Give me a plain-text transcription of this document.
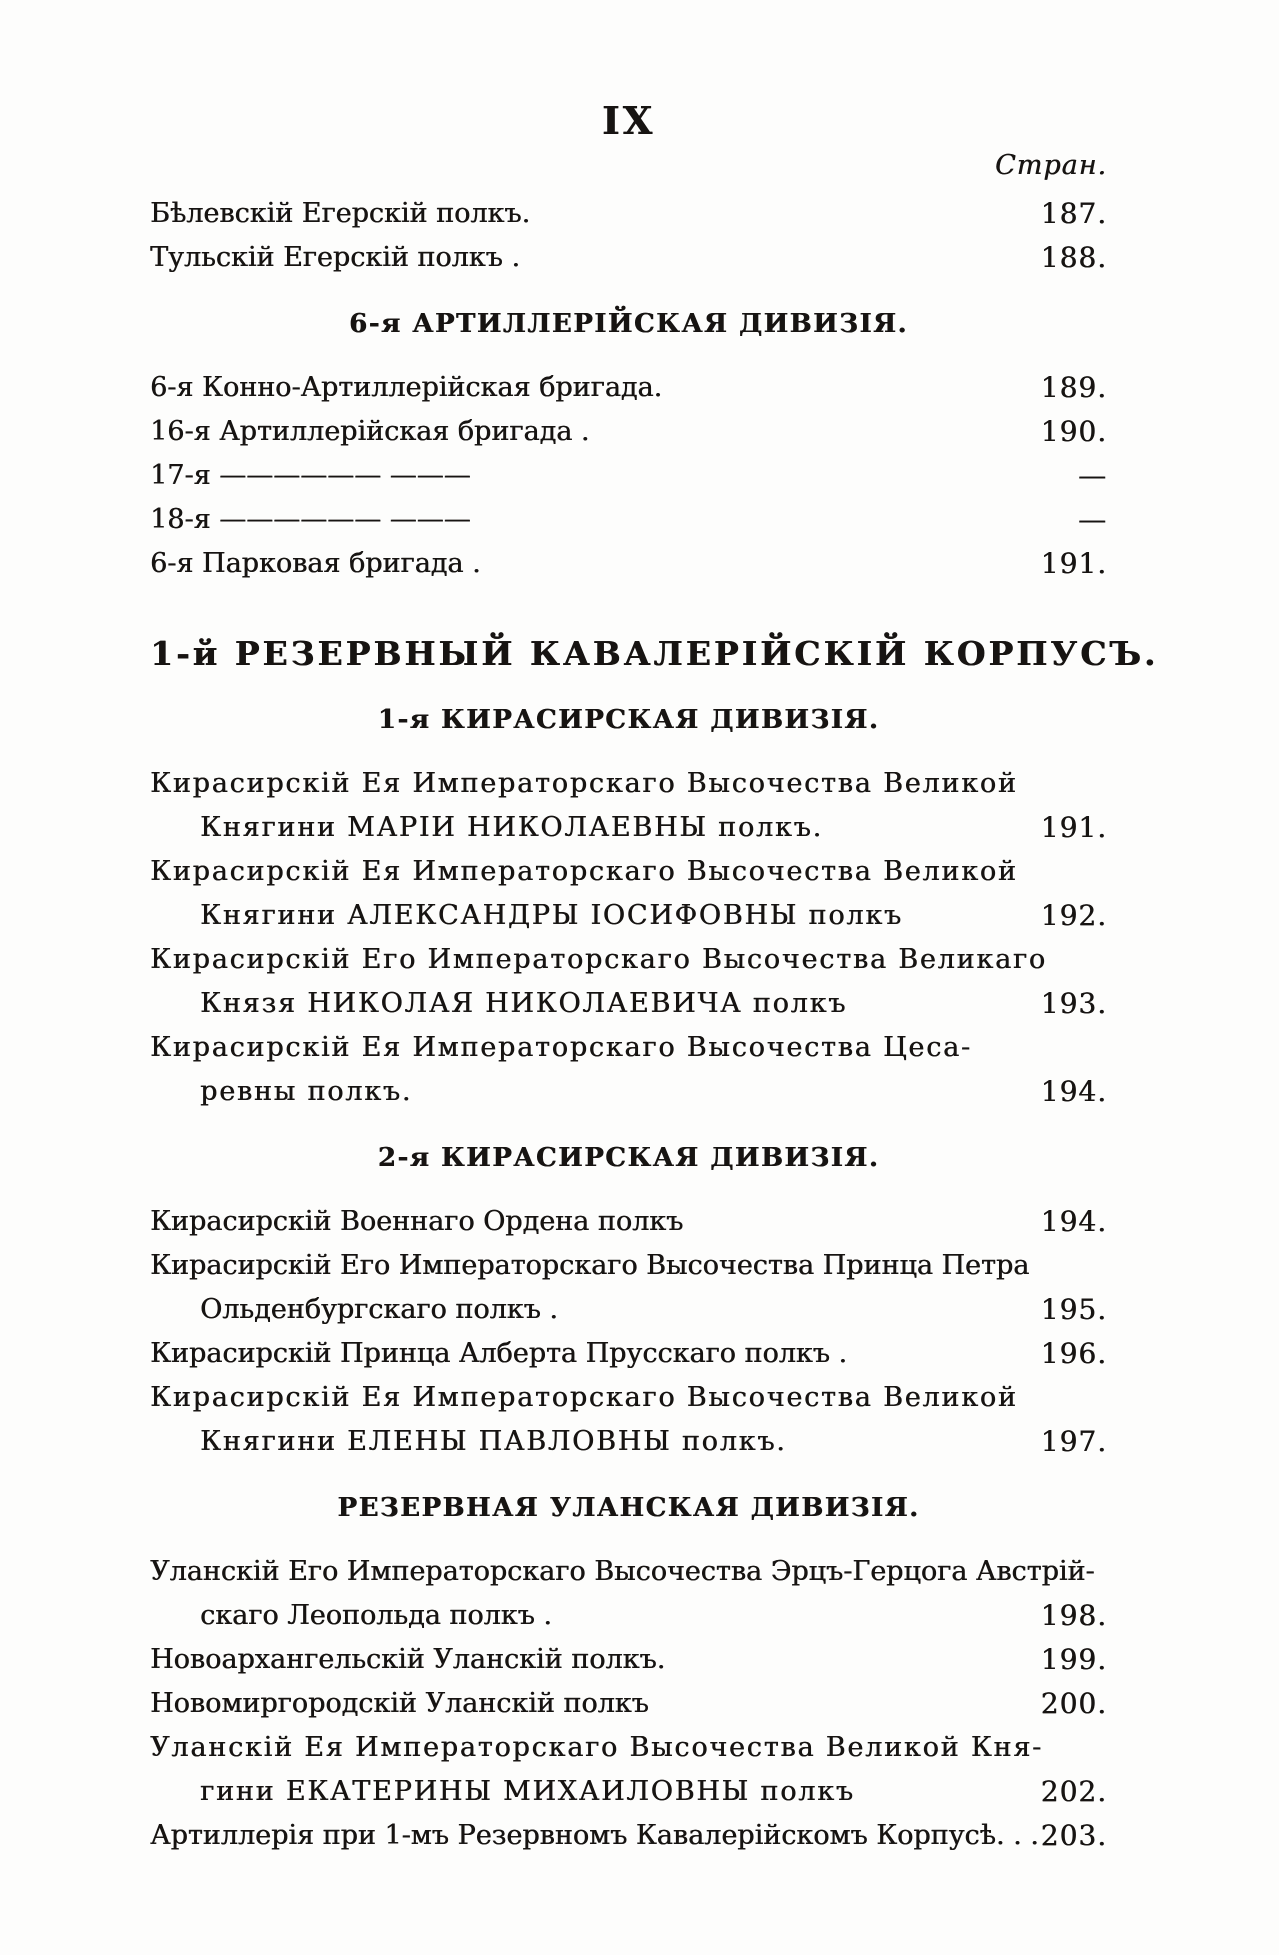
IX
Стран.

Бѣлевскій Егерскій полкъ.	187.

Тульскій Егерскій полкъ .	188.
6-я АРТИЛЛЕРІЙСКАЯ ДИВИЗІЯ.

6-я Конно-Артиллерійская бригада.	189.

16-я Артиллерійская бригада .	190.

17-я —————— ———	—

18-я —————— ———	—

6-я Парковая бригада .	191.
1-й РЕЗЕРВНЫЙ КАВАЛЕРІЙСКІЙ КОРПУСЪ.
1-я КИРАСИРСКАЯ ДИВИЗІЯ.

Кирасирскій Ея Императорскаго Высочества Великой

Княгини МАРІИ НИКОЛАЕВНЫ полкъ.	191.

Кирасирскій Ея Императорскаго Высочества Великой

Княгини АЛЕКСАНДРЫ ІОСИФОВНЫ полкъ	192.

Кирасирскій Его Императорскаго Высочества Великаго

Князя НИКОЛАЯ НИКОЛАЕВИЧА полкъ	193.

Кирасирскій Ея Императорскаго Высочества Цеса-

ревны полкъ.	194.
2-я КИРАСИРСКАЯ ДИВИЗІЯ.

Кирасирскій Военнаго Ордена полкъ	194.

Кирасирскій Его Императорскаго Высочества Принца Петра

Ольденбургскаго полкъ .	195.

Кирасирскій Принца Алберта Прусскаго полкъ .	196.

Кирасирскій Ея Императорскаго Высочества Великой

Княгини ЕЛЕНЫ ПАВЛОВНЫ полкъ.	197.
РЕЗЕРВНАЯ УЛАНСКАЯ ДИВИЗІЯ.

Уланскій Его Императорскаго Высочества Эрцъ-Герцога Австрій-

скаго Леопольда полкъ .	198.

Новоархангельскій Уланскій полкъ.	199.

Новомиргородскій Уланскій полкъ	200.

Уланскій Ея Императорскаго Высочества Великой Кня-

гини ЕКАТЕРИНЫ МИХАИЛОВНЫ полкъ	202.

Артиллерія при 1-мъ Резервномъ Кавалерійскомъ Корпусѣ. . . 203.
